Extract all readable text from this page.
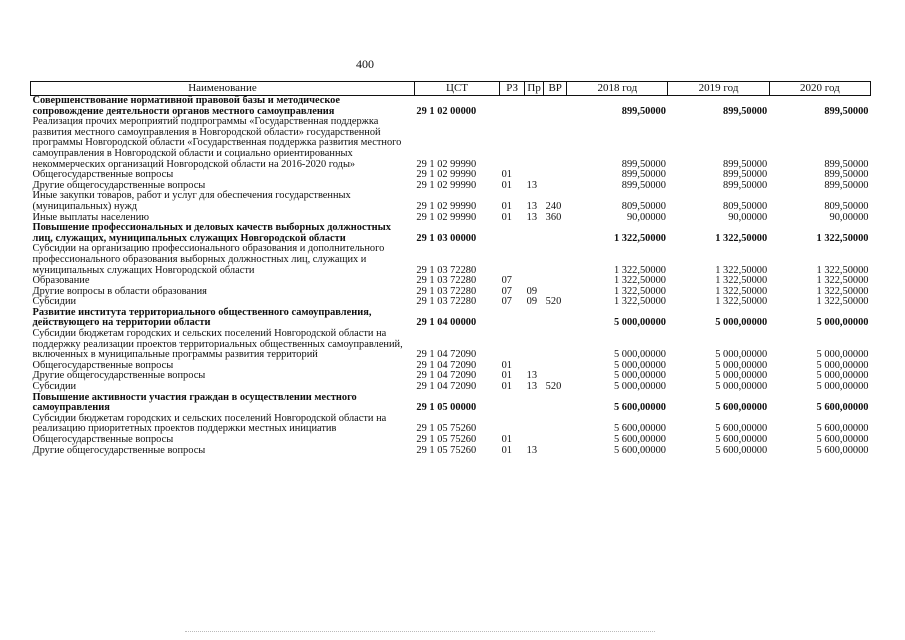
400
Наименование	ЦСТ	РЗ	Пр	ВР	2018 год	2019 год	2020 год
Совершенствование нормативной правовой базы и методическое сопровождение деятельности органов местного самоуправления	29 1 02 00000				899,50000	899,50000	899,50000
Реализация прочих мероприятий подпрограммы «Государственная поддержка развития местного самоуправления в Новгородской области» государственной программы Новгородской области «Государственная поддержка развития местного самоуправления в Новгородской области и социально ориентированных некоммерческих организаций Новгородской области на 2016-2020 годы»	29 1 02 99990				899,50000	899,50000	899,50000
Общегосударственные вопросы	29 1 02 99990	01			899,50000	899,50000	899,50000
Другие общегосударственные вопросы	29 1 02 99990	01	13		899,50000	899,50000	899,50000
Иные закупки товаров, работ и услуг для обеспечения государственных (муниципальных) нужд	29 1 02 99990	01	13	240	809,50000	809,50000	809,50000
Иные выплаты населению	29 1 02 99990	01	13	360	90,00000	90,00000	90,00000
Повышение профессиональных и деловых качеств выборных должностных лиц, служащих, муниципальных служащих Новгородской области	29 1 03 00000				1 322,50000	1 322,50000	1 322,50000
Субсидии на организацию профессионального образования и дополнительного профессионального образования выборных должностных лиц, служащих и муниципальных служащих Новгородской области	29 1 03 72280				1 322,50000	1 322,50000	1 322,50000
Образование	29 1 03 72280	07			1 322,50000	1 322,50000	1 322,50000
Другие вопросы в области образования	29 1 03 72280	07	09		1 322,50000	1 322,50000	1 322,50000
Субсидии	29 1 03 72280	07	09	520	1 322,50000	1 322,50000	1 322,50000
Развитие института территориального общественного самоуправления, действующего на территории области	29 1 04 00000				5 000,00000	5 000,00000	5 000,00000
Субсидии бюджетам городских и сельских поселений Новгородской области на поддержку реализации проектов территориальных общественных самоуправлений, включенных в муниципальные программы развития территорий	29 1 04 72090				5 000,00000	5 000,00000	5 000,00000
Общегосударственные вопросы	29 1 04 72090	01			5 000,00000	5 000,00000	5 000,00000
Другие общегосударственные вопросы	29 1 04 72090	01	13		5 000,00000	5 000,00000	5 000,00000
Субсидии	29 1 04 72090	01	13	520	5 000,00000	5 000,00000	5 000,00000
Повышение активности участия граждан в осуществлении местного самоуправления	29 1 05 00000				5 600,00000	5 600,00000	5 600,00000
Субсидии бюджетам городских и сельских поселений Новгородской области на реализацию приоритетных проектов поддержки местных инициатив	29 1 05 75260				5 600,00000	5 600,00000	5 600,00000
Общегосударственные вопросы	29 1 05 75260	01			5 600,00000	5 600,00000	5 600,00000
Другие общегосударственные вопросы	29 1 05 75260	01	13		5 600,00000	5 600,00000	5 600,00000
